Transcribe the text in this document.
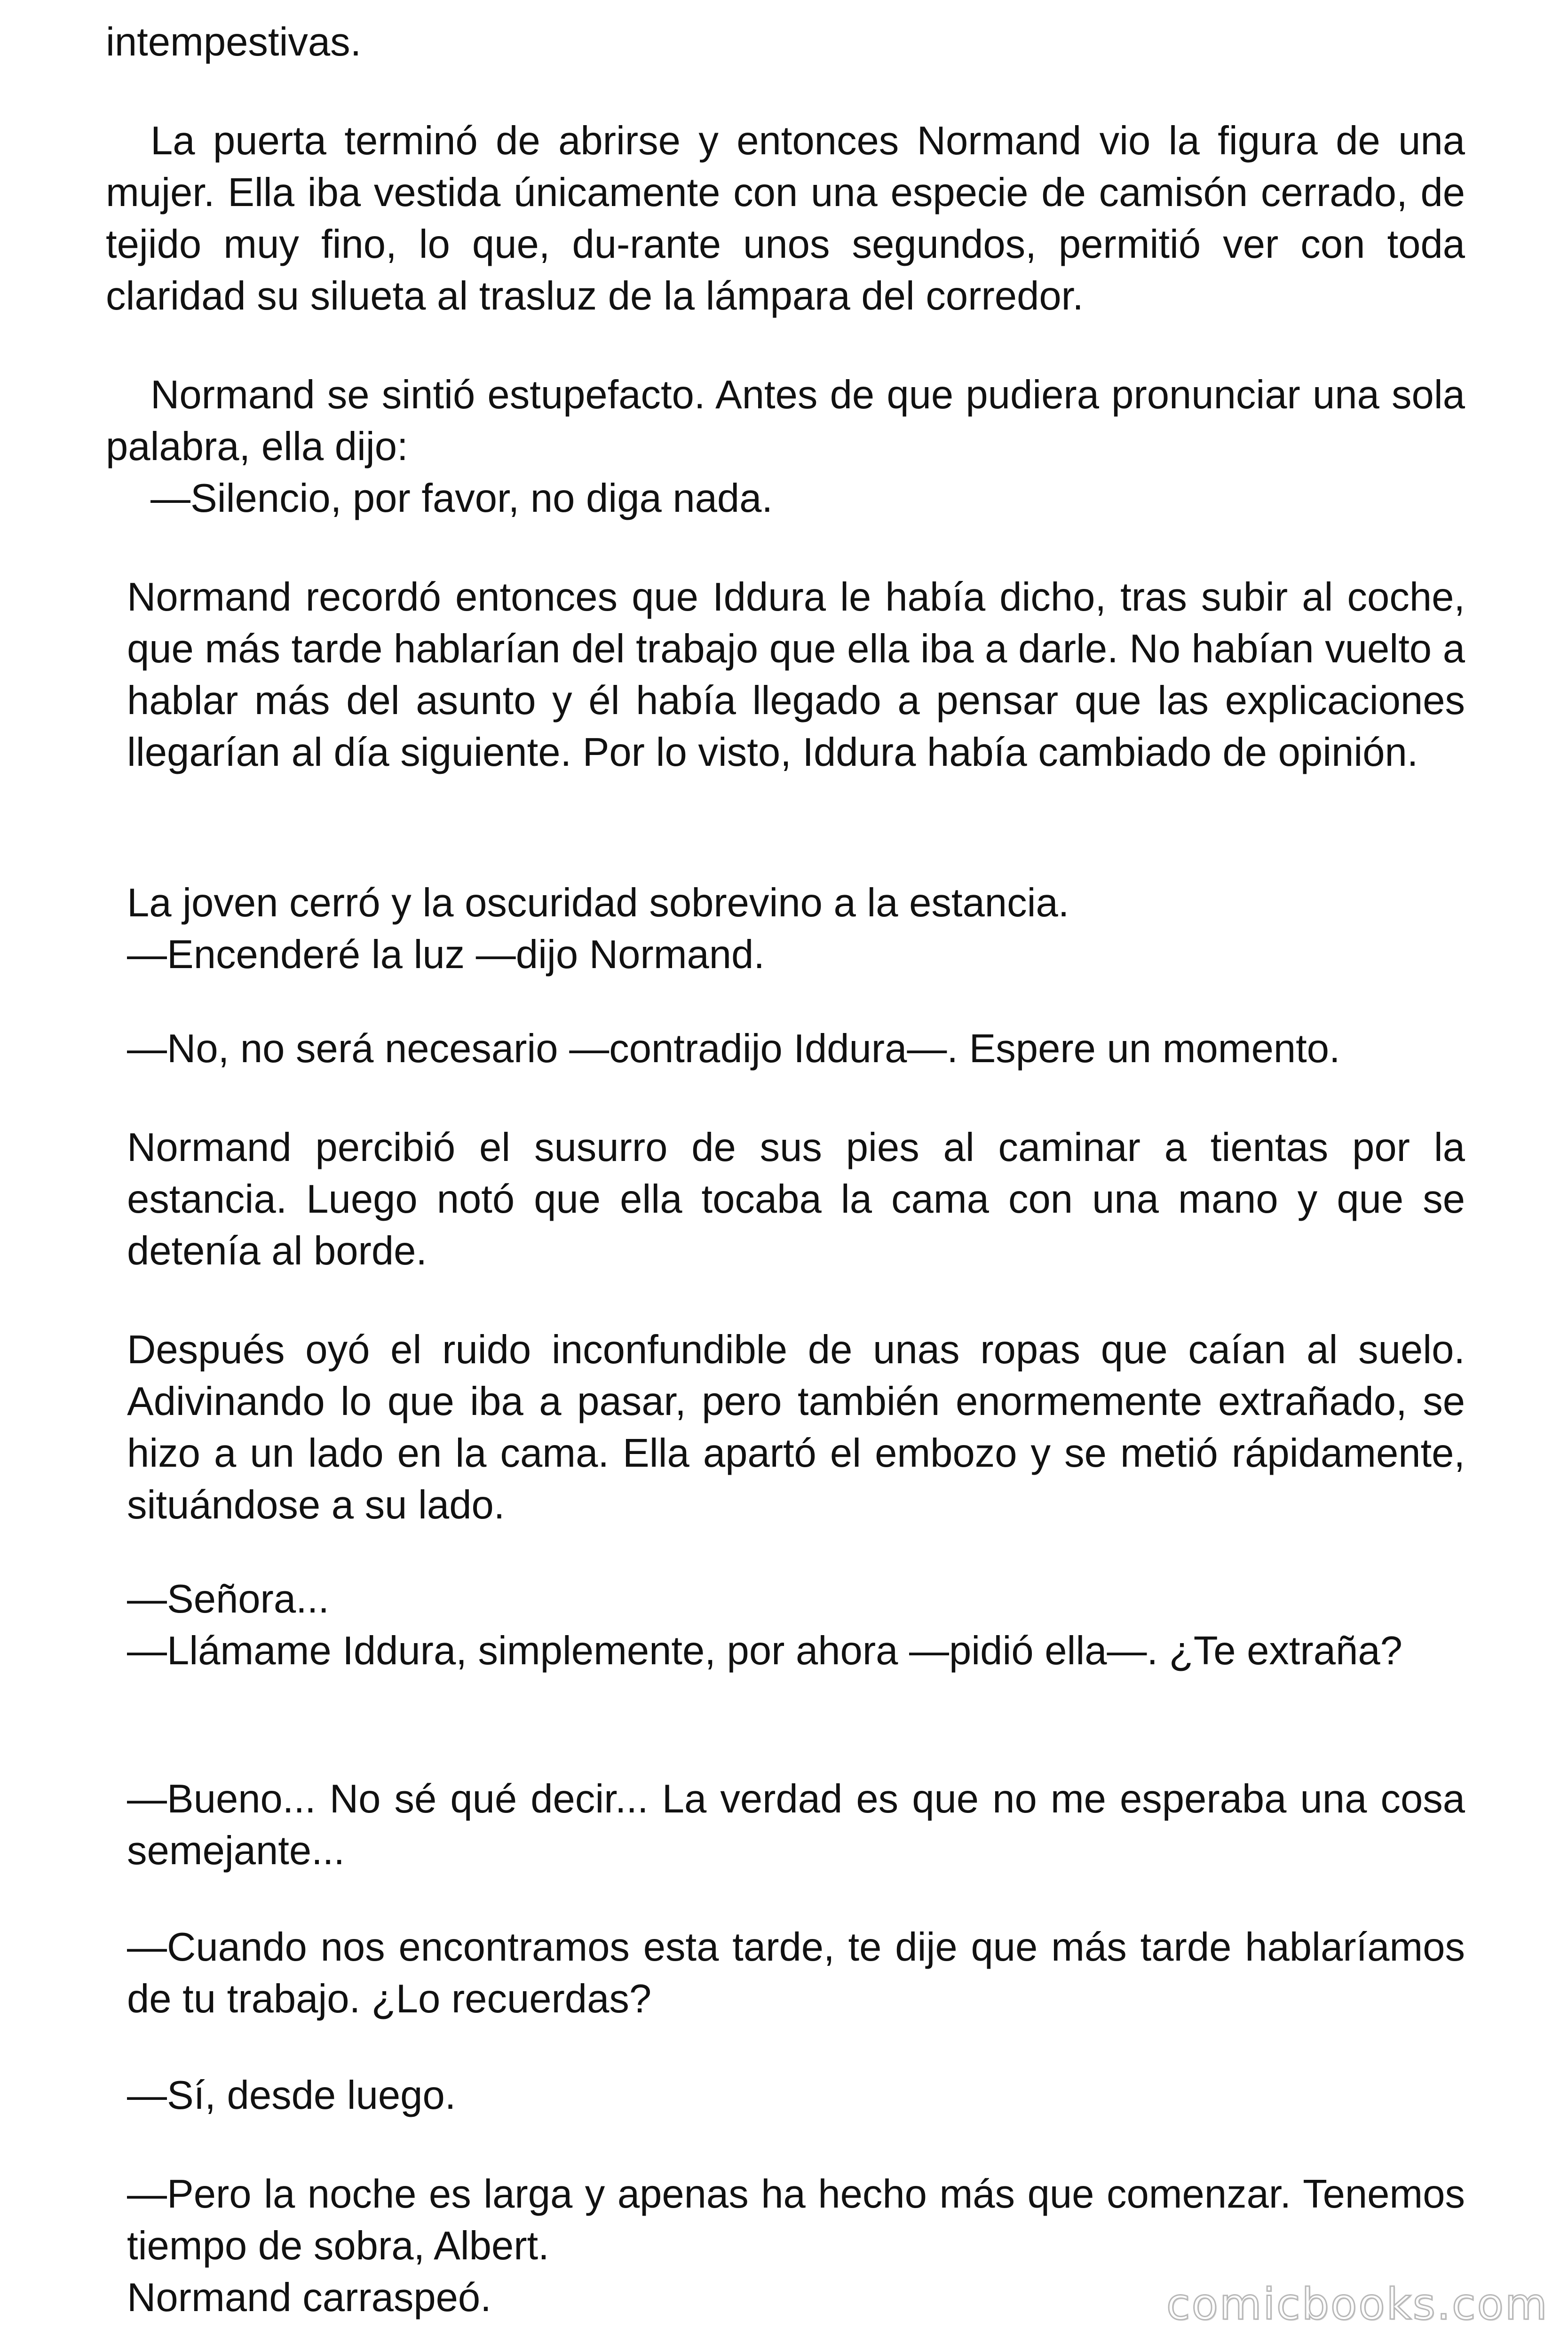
intempestivas.

La puerta terminó de abrirse y entonces Normand vio la figura de una mujer. Ella iba vestida únicamente con una especie de camisón cerrado, de tejido muy fino, lo que, du-rante unos segundos, permitió ver con toda claridad su silueta al trasluz de la lámpara del corredor.

Normand se sintió estupefacto. Antes de que pudiera pronunciar una sola palabra, ella dijo:
—Silencio, por favor, no diga nada.

Normand recordó entonces que Iddura le había dicho, tras subir al coche, que más tarde hablarían del trabajo que ella iba a darle. No habían vuelto a hablar más del asunto y él había llegado a pensar que las explicaciones llegarían al día siguiente. Por lo visto, Iddura había cambiado de opinión.

La joven cerró y la oscuridad sobrevino a la estancia.
—Encenderé la luz —dijo Normand.

—No, no será necesario —contradijo Iddura—. Espere un momento.

Normand percibió el susurro de sus pies al caminar a tientas por la estancia. Luego notó que ella tocaba la cama con una mano y que se detenía al borde.

Después oyó el ruido inconfundible de unas ropas que caían al suelo. Adivinando lo que iba a pasar, pero también enormemente extrañado, se hizo a un lado en la cama. Ella apartó el embozo y se metió rápidamente, situándose a su lado.

—Señora...
—Llámame Iddura, simplemente, por ahora —pidió ella—. ¿Te extraña?

—Bueno... No sé qué decir... La verdad es que no me esperaba una cosa semejante...

—Cuando nos encontramos esta tarde, te dije que más tarde hablaríamos de tu trabajo. ¿Lo recuerdas?

—Sí, desde luego.

—Pero la noche es larga y apenas ha hecho más que comenzar. Tenemos tiempo de sobra, Albert.
Normand carraspeó.	comicbooks.com
